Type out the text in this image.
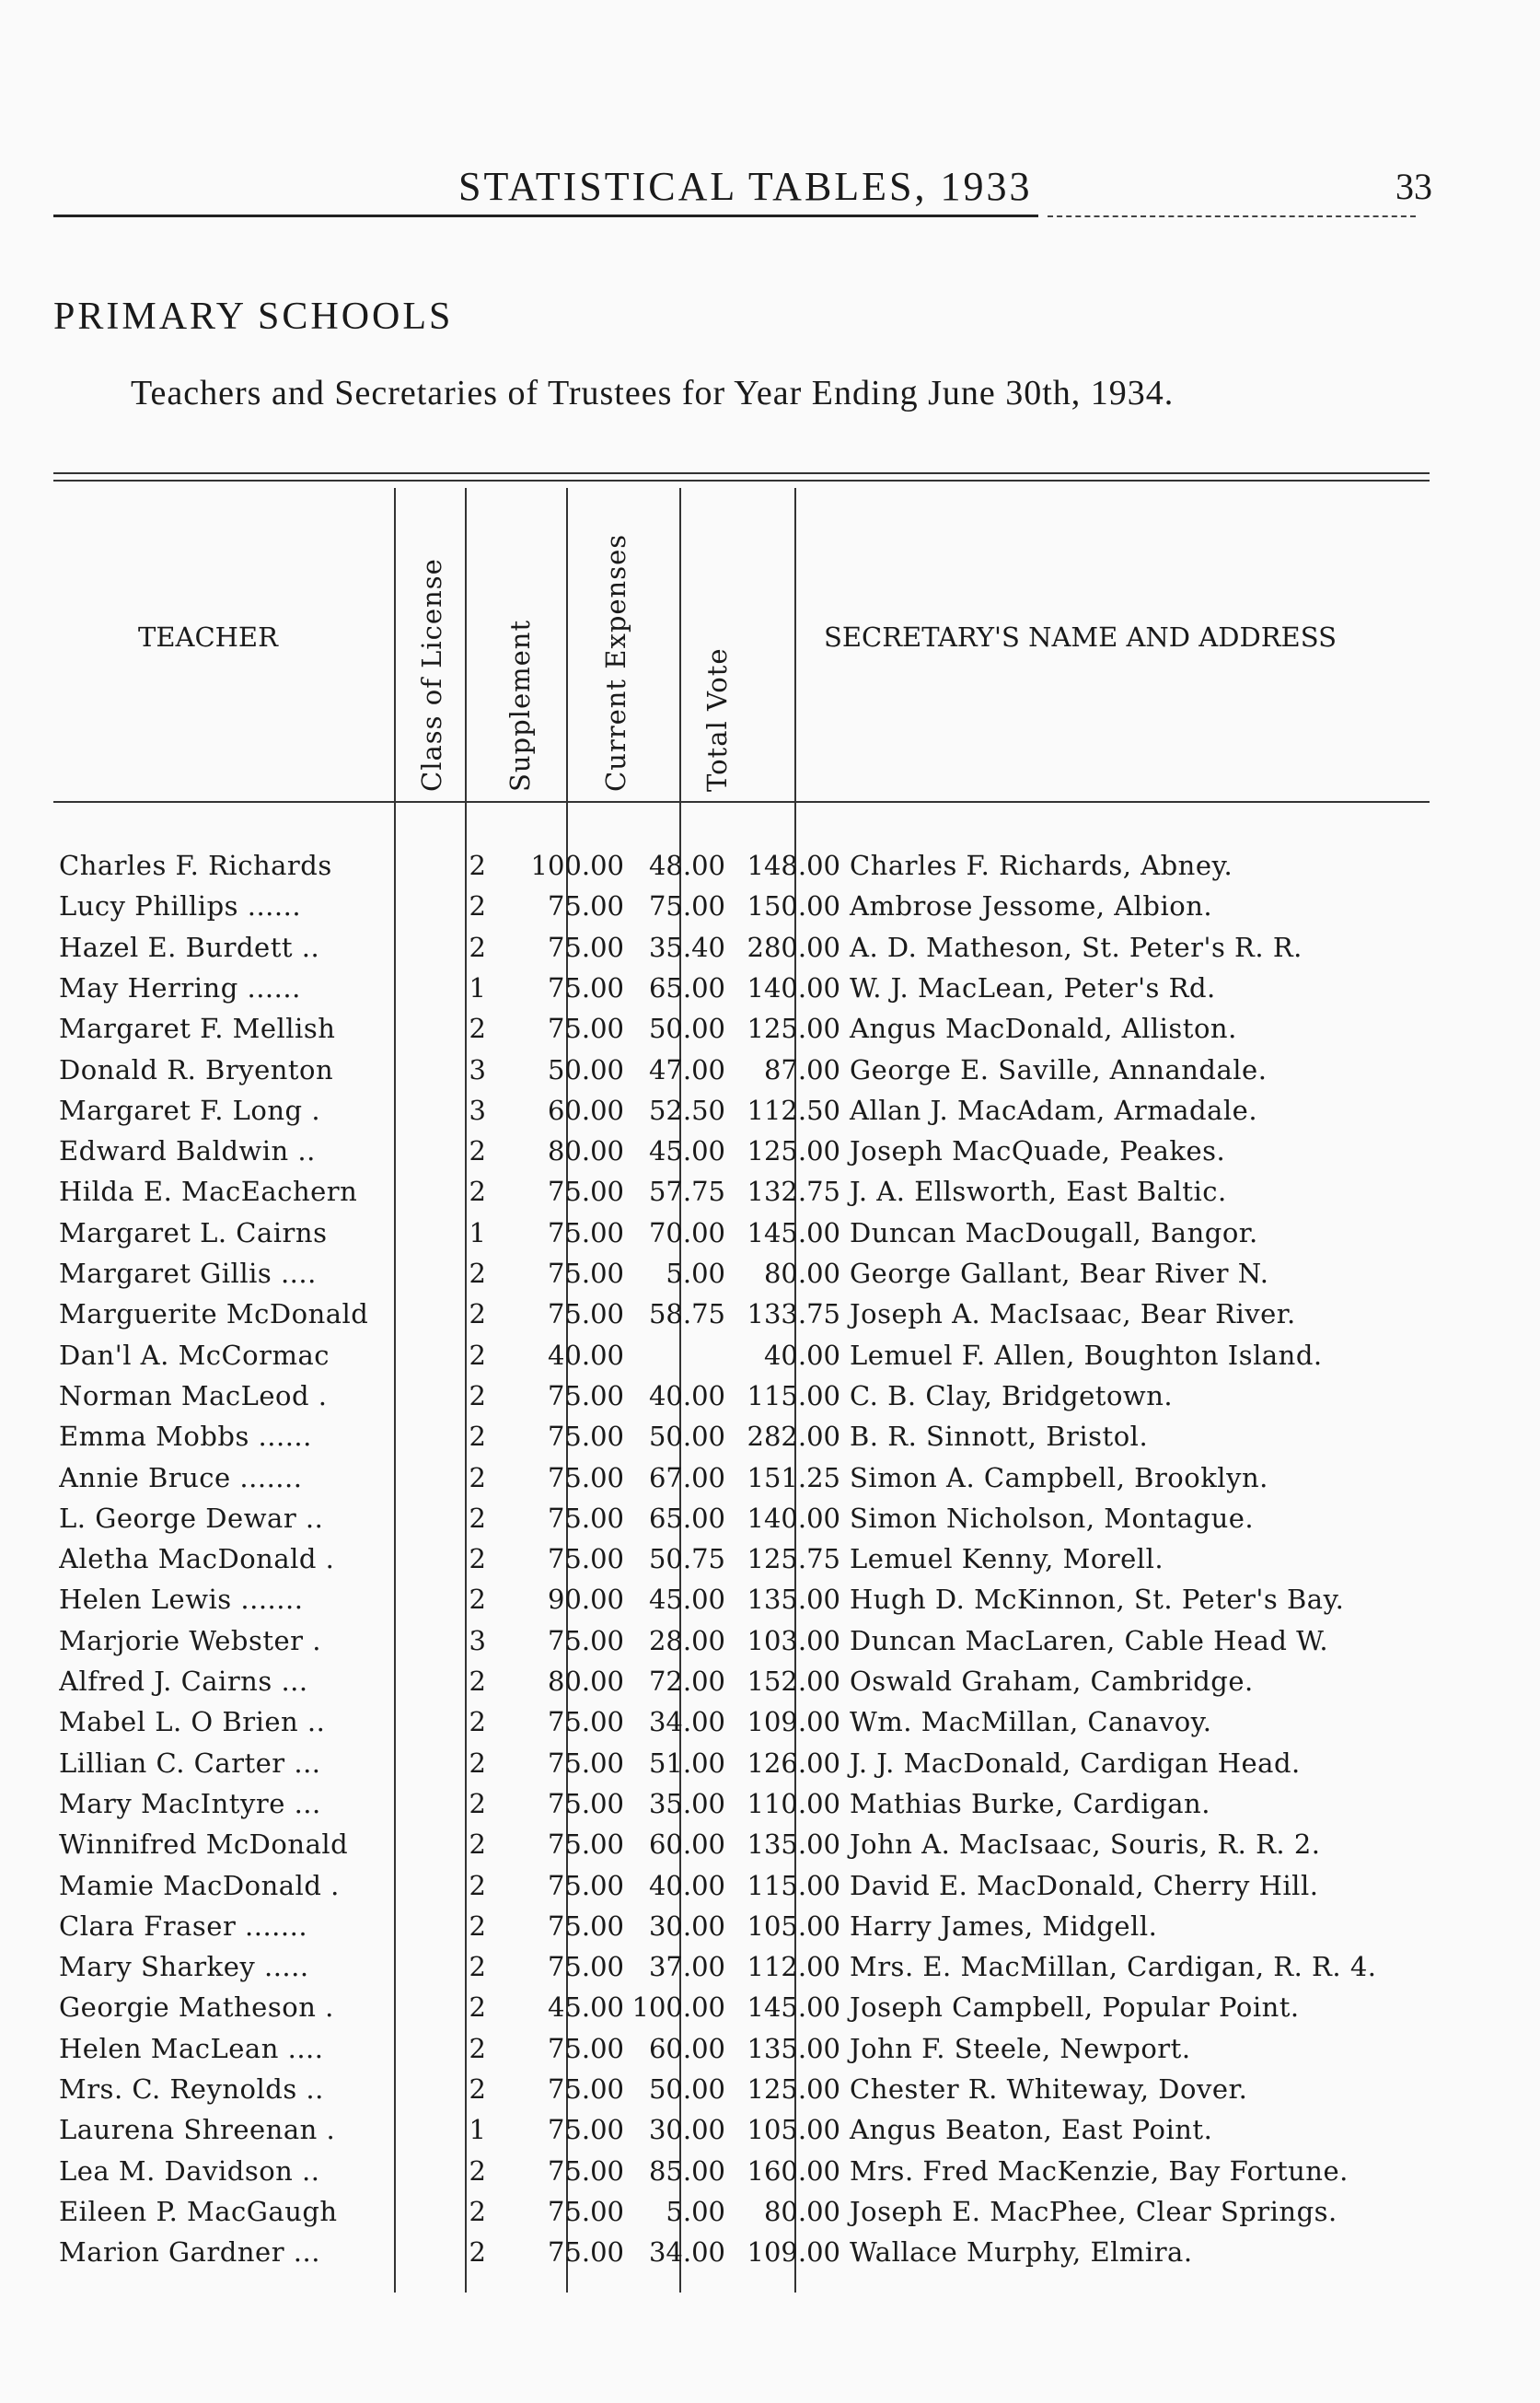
STATISTICAL TABLES, 1933	33
PRIMARY SCHOOLS
Teachers and Secretaries of Trustees for Year Ending June 30th, 1934.
TEACHER	Class of License Supplement Current Expenses	Total Vote
SECRETARY'S NAME AND ADDRESS
Charles F. Richards	2	100.00 48.00 148.00 Charles F. Richards, Abney.
Lucy Phillips ......	2	75.00 75.00 150.00 Ambrose Jessome, Albion.
Hazel E. Burdett ..	2	75.00 35.40 280.00 A. D. Matheson, St. Peter's R. R.
May Herring ......	1	75.00 65.00 140.00 W. J. MacLean, Peter's Rd.
Margaret F. Mellish	2	75.00 50.00 125.00 Angus MacDonald, Alliston.
Donald R. Bryenton	3	50.00 47.00	87.00 George E. Saville, Annandale.
Margaret F. Long .	3	60.00 52.50 112.50 Allan J. MacAdam, Armadale.
Edward Baldwin ..	2	80.00 45.00 125.00 Joseph MacQuade, Peakes.
Hilda E. MacEachern	2	75.00 57.75 132.75 J. A. Ellsworth, East Baltic.
Margaret L. Cairns	1	75.00 70.00 145.00 Duncan MacDougall, Bangor.
Margaret Gillis ....	2	75.00	5.00	80.00 George Gallant, Bear River N.
Marguerite McDonald	2	75.00 58.75 133.75 Joseph A. MacIsaac, Bear River.
Dan'l A. McCormac	2	40.00	40.00 Lemuel F. Allen, Boughton Island.
Norman MacLeod .	2	75.00 40.00 115.00 C. B. Clay, Bridgetown.
Emma Mobbs ......	2	75.00 50.00 282.00 B. R. Sinnott, Bristol.
Annie Bruce .......	2	75.00 67.00 151.25 Simon A. Campbell, Brooklyn.
L. George Dewar ..	2	75.00 65.00 140.00 Simon Nicholson, Montague.
Aletha MacDonald .	2	75.00 50.75 125.75 Lemuel Kenny, Morell.
Helen Lewis .......	2	90.00 45.00 135.00 Hugh D. McKinnon, St. Peter's Bay.
Marjorie Webster .	3	75.00 28.00 103.00 Duncan MacLaren, Cable Head W.
Alfred J. Cairns ...	2	80.00 72.00 152.00 Oswald Graham, Cambridge.
Mabel L. O Brien ..	2	75.00 34.00 109.00 Wm. MacMillan, Canavoy.
Lillian C. Carter ...	2	75.00 51.00 126.00 J. J. MacDonald, Cardigan Head.
Mary MacIntyre ...	2	75.00 35.00 110.00 Mathias Burke, Cardigan.
Winnifred McDonald	2	75.00 60.00 135.00 John A. MacIsaac, Souris, R. R. 2.
Mamie MacDonald .	2	75.00 40.00 115.00 David E. MacDonald, Cherry Hill.
Clara Fraser .......	2	75.00 30.00 105.00 Harry James, Midgell.
Mary Sharkey .....	2	75.00 37.00 112.00 Mrs. E. MacMillan, Cardigan, R. R. 4.
Georgie Matheson .	2	45.00 100.00 145.00 Joseph Campbell, Popular Point.
Helen MacLean ....	2	75.00 60.00 135.00 John F. Steele, Newport.
Mrs. C. Reynolds ..	2	75.00 50.00 125.00 Chester R. Whiteway, Dover.
Laurena Shreenan .	1	75.00 30.00 105.00 Angus Beaton, East Point.
Lea M. Davidson ..	2	75.00 85.00 160.00 Mrs. Fred MacKenzie, Bay Fortune.
Eileen P. MacGaugh	2	75.00	5.00	80.00 Joseph E. MacPhee, Clear Springs.
Marion Gardner ...	2	75.00 34.00 109.00 Wallace Murphy, Elmira.
